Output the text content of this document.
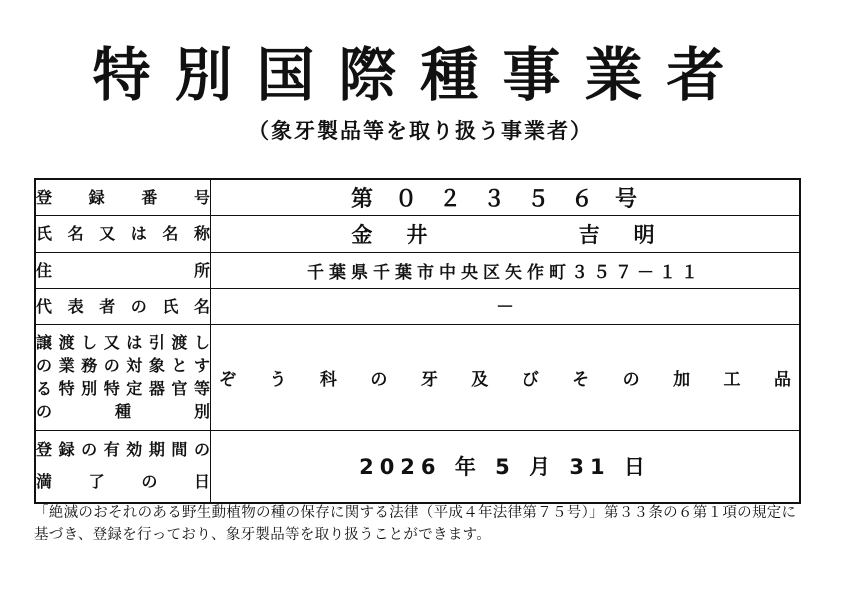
特別国際種事業者
（象牙製品等を取り扱う事業者）
登録番号	第０２３５６号
氏名又は名称	金井 吉明
住所	千葉県千葉市中央区矢作町３５７－１１
代表者の氏名	－

譲渡し又は引渡し
の業務の対象とす
る特別特定器官等
の種別	ぞう科の牙及びその加工品

登録の有効期間の
満了の日	2026 年 5 月 31 日
「絶滅のおそれのある野生動植物の種の保存に関する法律（平成４年法律第７５号）」第３３条の６第１項の規定に基づき、登録を行っており、象牙製品等を取り扱うことができます。
